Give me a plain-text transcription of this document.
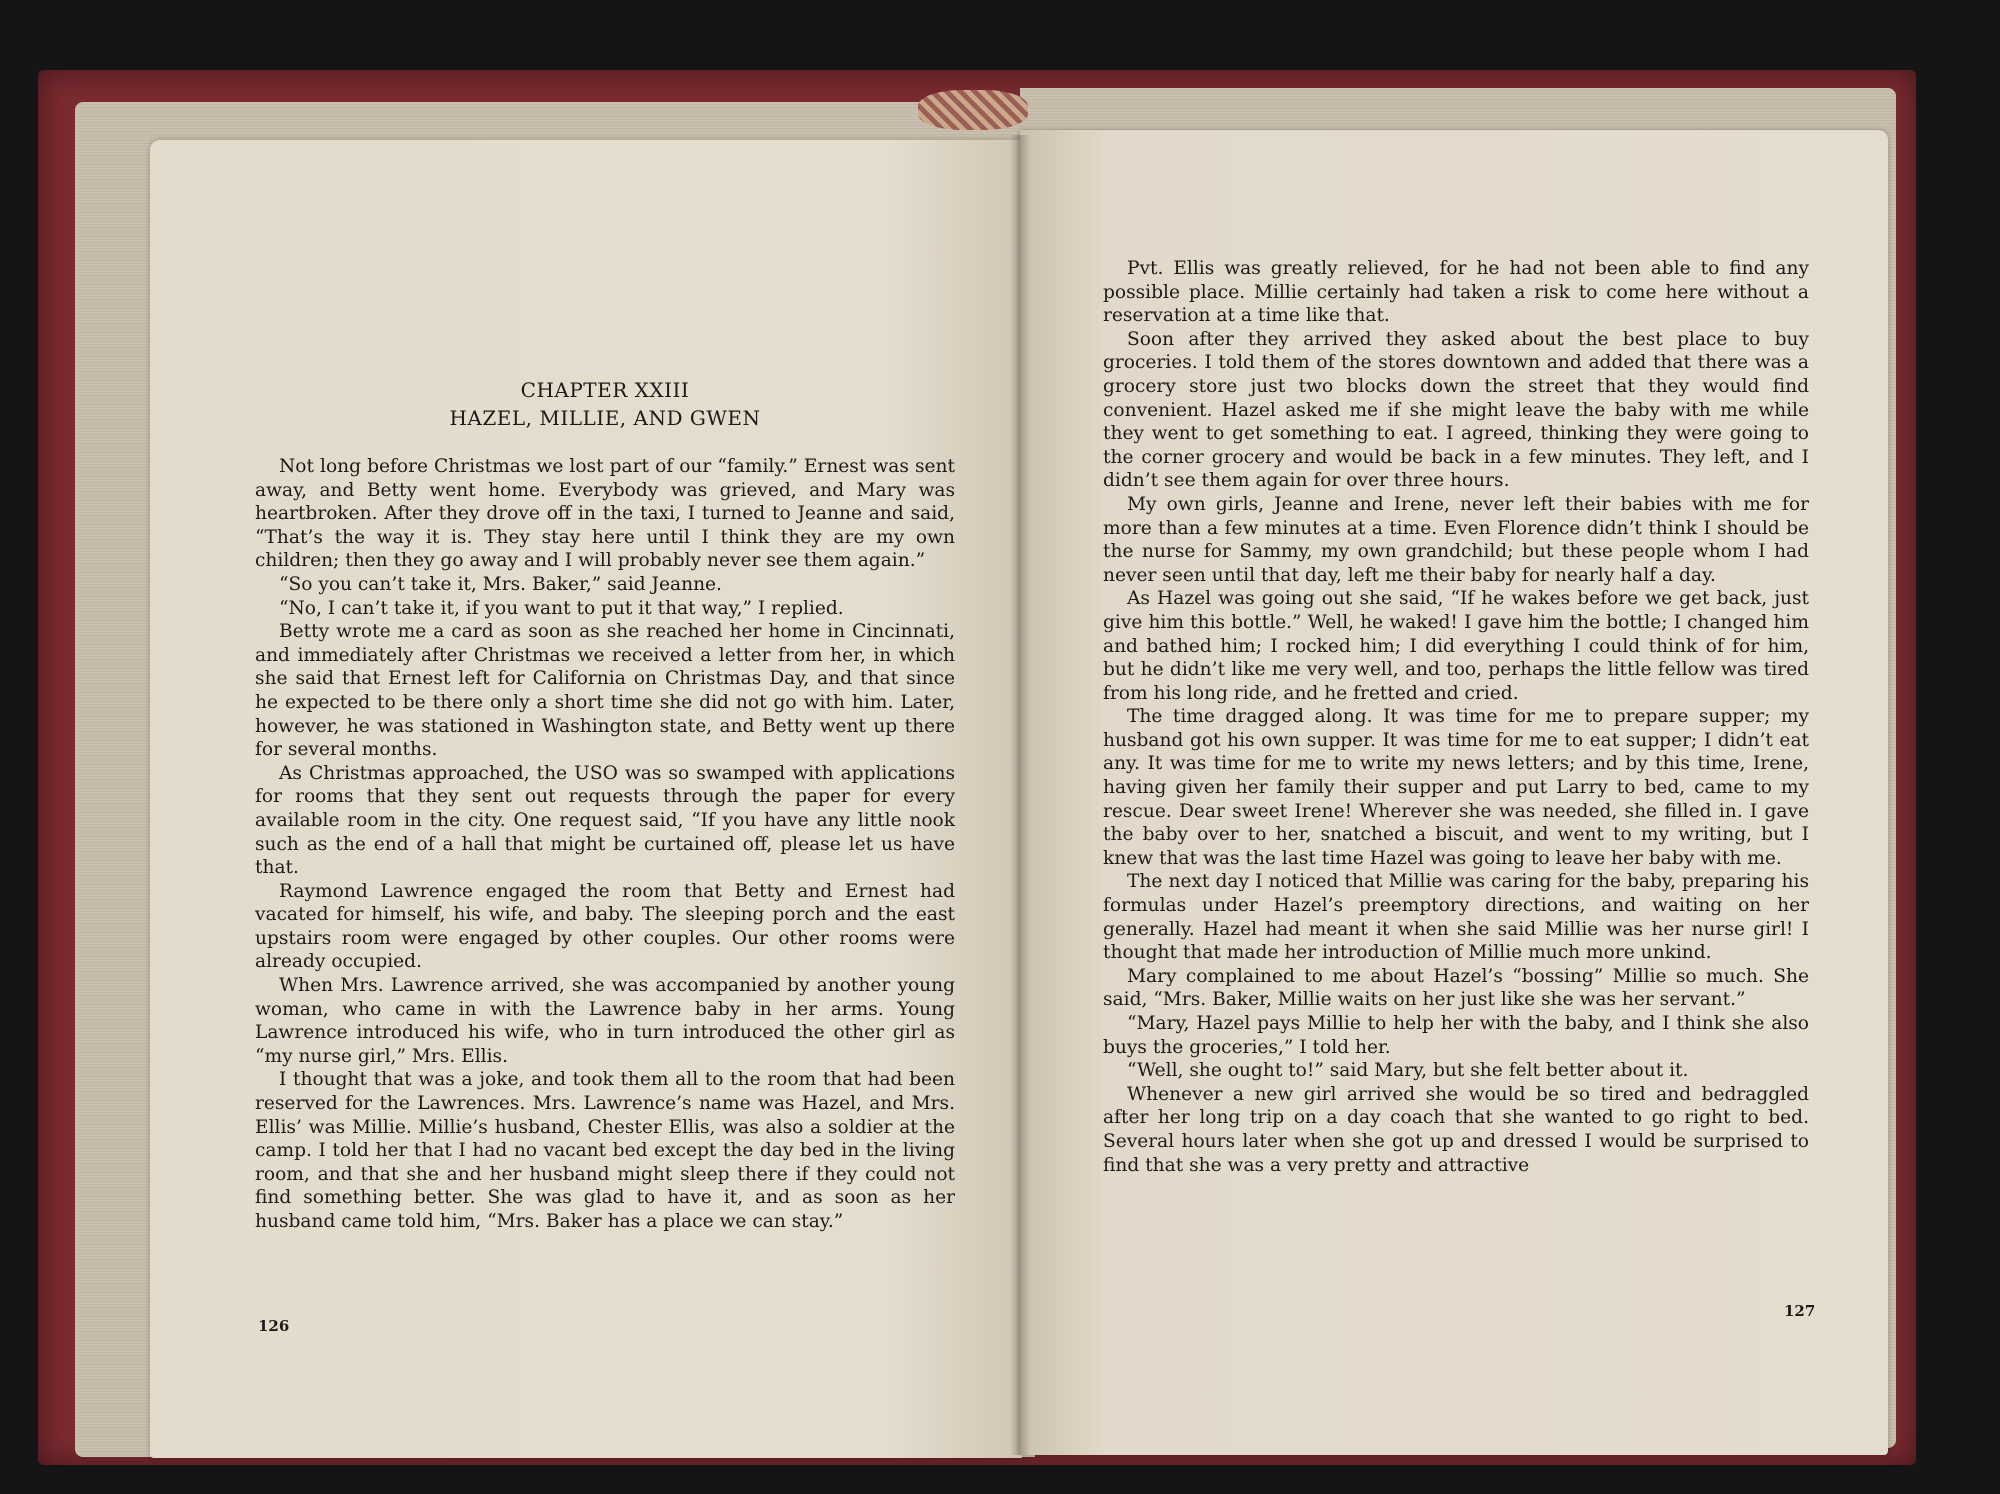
CHAPTER XXIII
HAZEL, MILLIE, AND GWEN

Not long before Christmas we lost part of our “family.” Ernest was sent away, and Betty went home. Everybody was grieved, and Mary was heartbroken. After they drove off in the taxi, I turned to Jeanne and said, “That’s the way it is. They stay here until I think they are my own children; then they go away and I will probably never see them again.”

“So you can’t take it, Mrs. Baker,” said Jeanne.

“No, I can’t take it, if you want to put it that way,” I replied.

Betty wrote me a card as soon as she reached her home in Cincinnati, and immediately after Christmas we received a letter from her, in which she said that Ernest left for California on Christmas Day, and that since he expected to be there only a short time she did not go with him. Later, however, he was stationed in Washington state, and Betty went up there for several months.

As Christmas approached, the USO was so swamped with applications for rooms that they sent out requests through the paper for every available room in the city. One request said, “If you have any little nook such as the end of a hall that might be curtained off, please let us have that.

Raymond Lawrence engaged the room that Betty and Ernest had vacated for himself, his wife, and baby. The sleeping porch and the east upstairs room were engaged by other couples. Our other rooms were already occupied.

When Mrs. Lawrence arrived, she was accompanied by another young woman, who came in with the Lawrence baby in her arms. Young Lawrence introduced his wife, who in turn introduced the other girl as “my nurse girl,” Mrs. Ellis.

I thought that was a joke, and took them all to the room that had been reserved for the Lawrences. Mrs. Lawrence’s name was Hazel, and Mrs. Ellis’ was Millie. Millie’s husband, Chester Ellis, was also a soldier at the camp. I told her that I had no vacant bed except the day bed in the living room, and that she and her husband might sleep there if they could not find something better. She was glad to have it, and as soon as her husband came told him, “Mrs. Baker has a place we can stay.”

126

Pvt. Ellis was greatly relieved, for he had not been able to find any possible place. Millie certainly had taken a risk to come here without a reservation at a time like that.

Soon after they arrived they asked about the best place to buy groceries. I told them of the stores downtown and added that there was a grocery store just two blocks down the street that they would find convenient. Hazel asked me if she might leave the baby with me while they went to get something to eat. I agreed, thinking they were going to the corner grocery and would be back in a few minutes. They left, and I didn’t see them again for over three hours.

My own girls, Jeanne and Irene, never left their babies with me for more than a few minutes at a time. Even Florence didn’t think I should be the nurse for Sammy, my own grandchild; but these people whom I had never seen until that day, left me their baby for nearly half a day.

As Hazel was going out she said, “If he wakes before we get back, just give him this bottle.” Well, he waked! I gave him the bottle; I changed him and bathed him; I rocked him; I did everything I could think of for him, but he didn’t like me very well, and too, perhaps the little fellow was tired from his long ride, and he fretted and cried.

The time dragged along. It was time for me to prepare supper; my husband got his own supper. It was time for me to eat supper; I didn’t eat any. It was time for me to write my news letters; and by this time, Irene, having given her family their supper and put Larry to bed, came to my rescue. Dear sweet Irene! Wherever she was needed, she filled in. I gave the baby over to her, snatched a biscuit, and went to my writing, but I knew that was the last time Hazel was going to leave her baby with me.

The next day I noticed that Millie was caring for the baby, preparing his formulas under Hazel’s preemptory directions, and waiting on her generally. Hazel had meant it when she said Millie was her nurse girl! I thought that made her introduction of Millie much more unkind.

Mary complained to me about Hazel’s “bossing” Millie so much. She said, “Mrs. Baker, Millie waits on her just like she was her servant.”

“Mary, Hazel pays Millie to help her with the baby, and I think she also buys the groceries,” I told her.

“Well, she ought to!” said Mary, but she felt better about it.

Whenever a new girl arrived she would be so tired and bedraggled after her long trip on a day coach that she wanted to go right to bed. Several hours later when she got up and dressed I would be surprised to find that she was a very pretty and attractive

127
